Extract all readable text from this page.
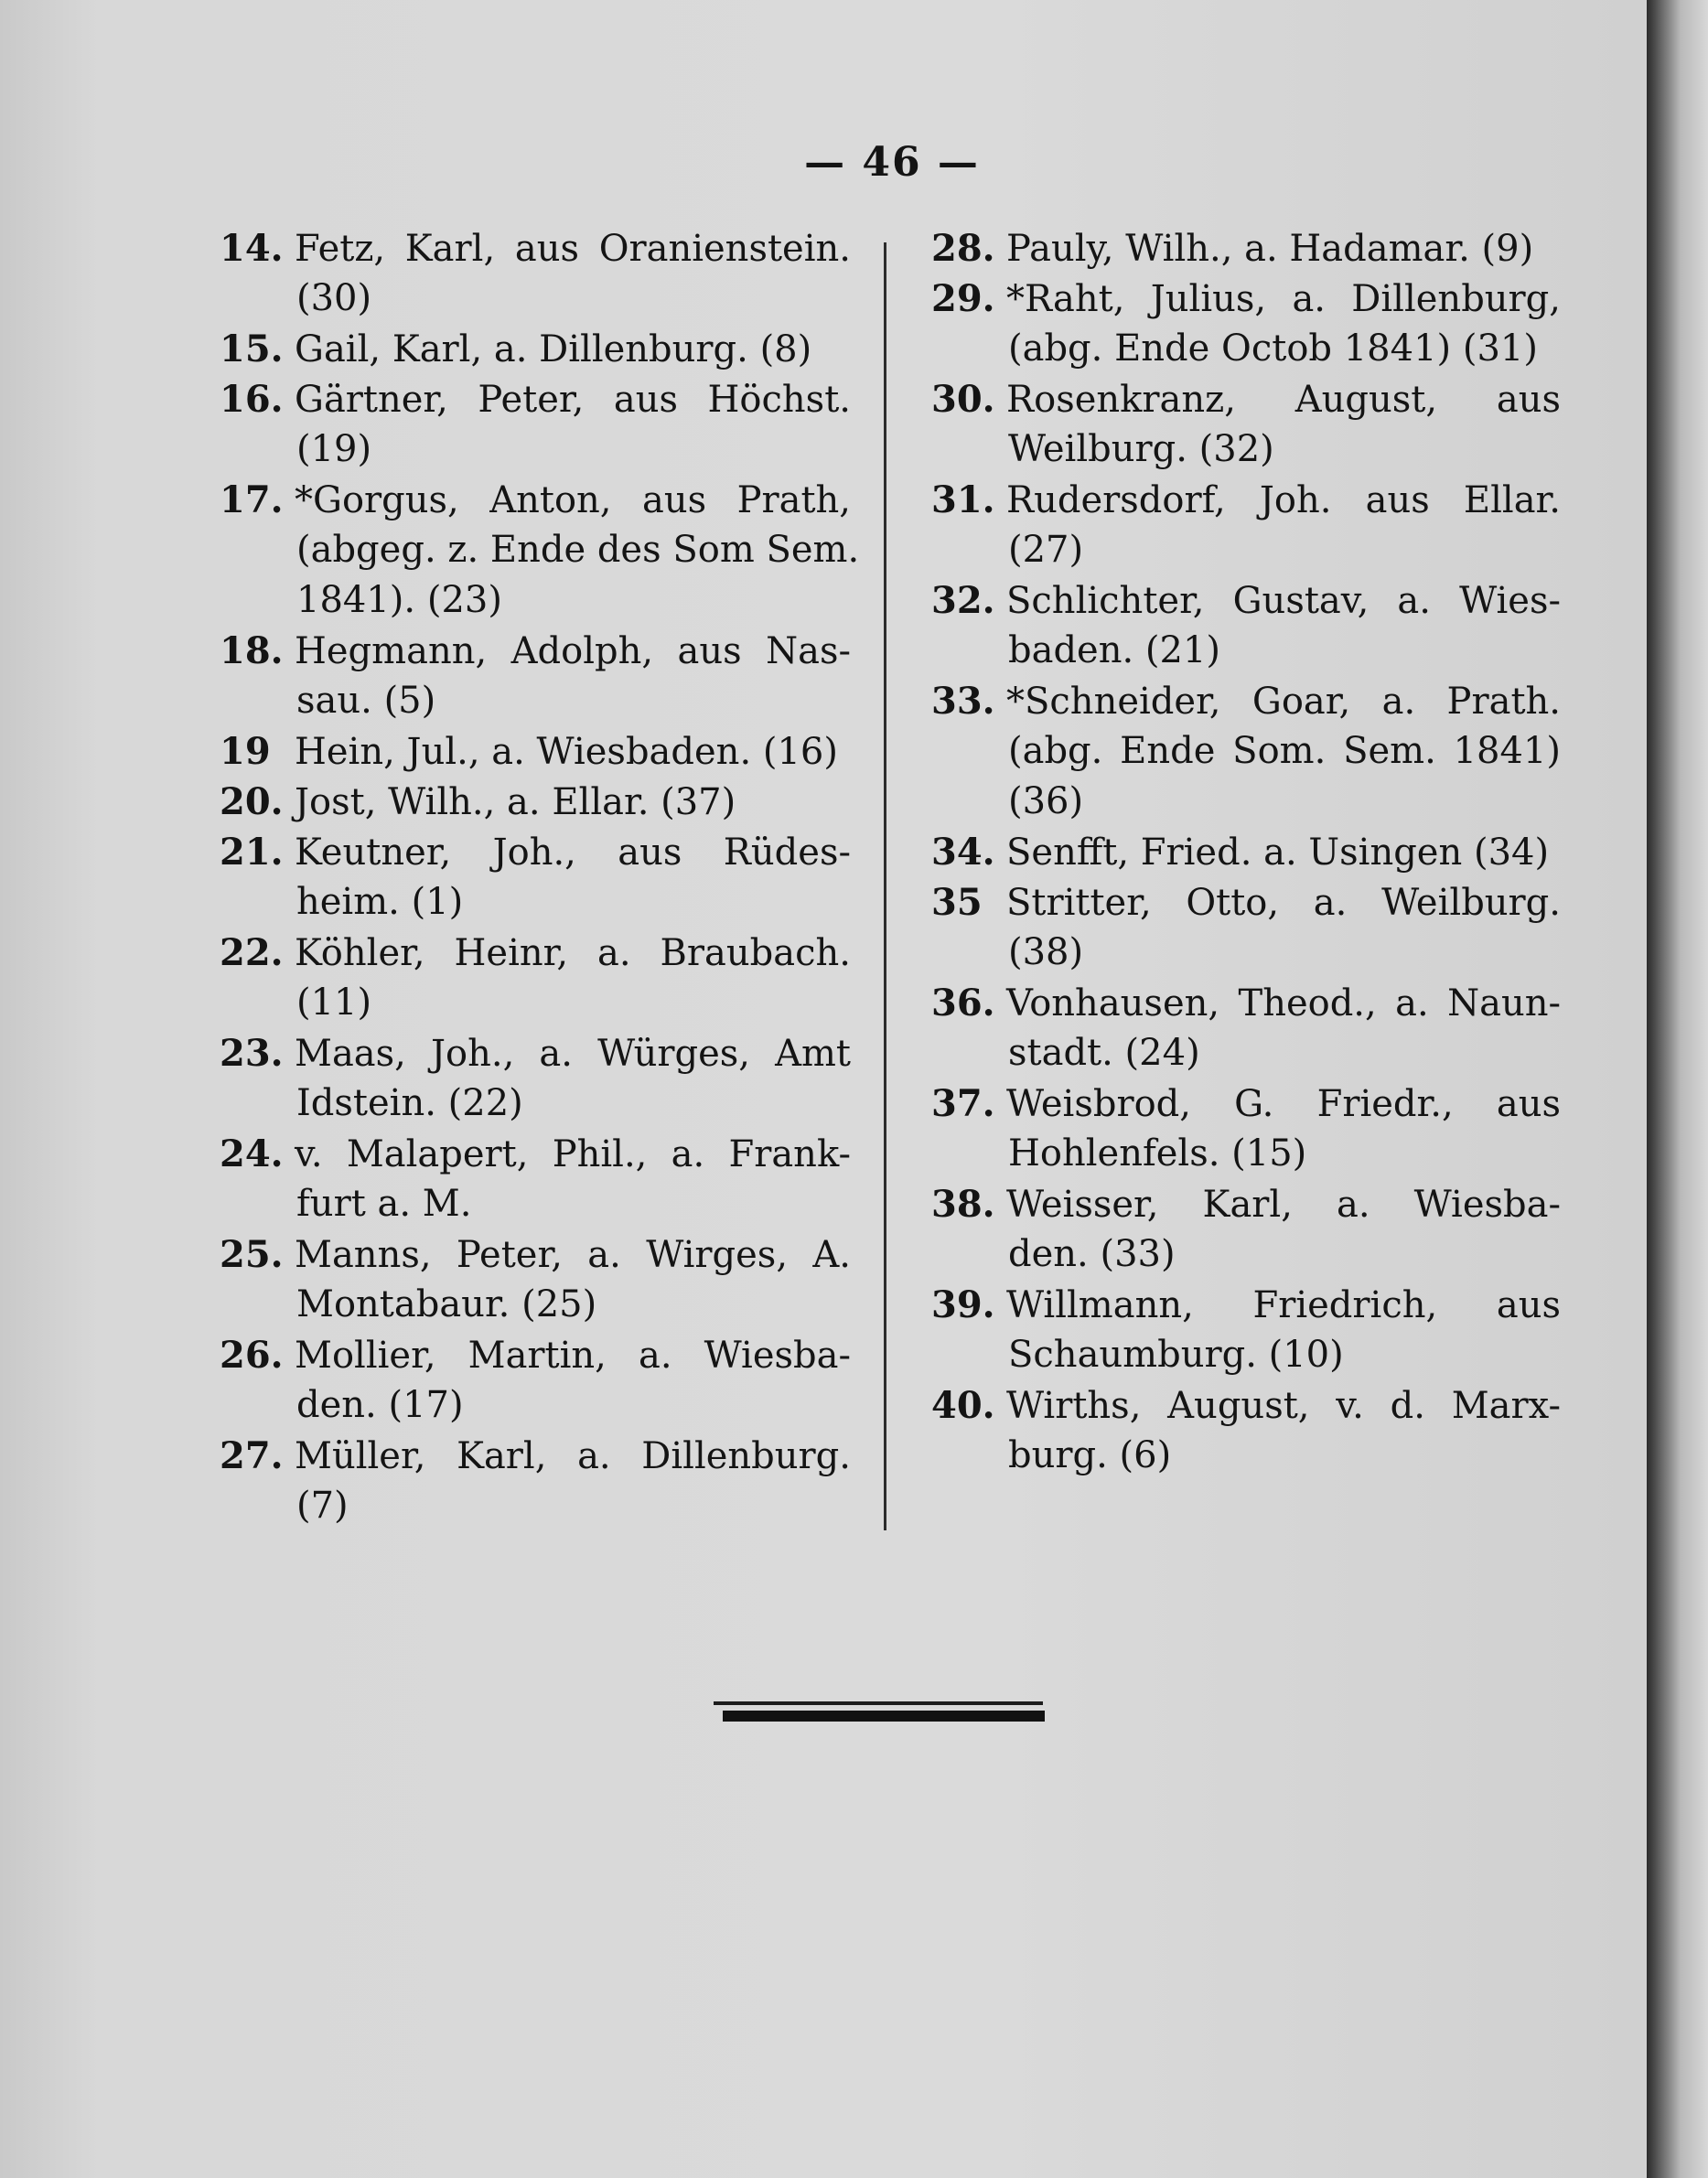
— 46 —
14. Fetz, Karl, aus Oranienstein.
(30)
15. Gail, Karl, a. Dillenburg. (8)
16. Gärtner, Peter, aus Höchst.
(19)
17. *Gorgus, Anton, aus Prath,
(abgeg. z. Ende des Som Sem.
1841). (23)
18. Hegmann, Adolph, aus Nas-
sau. (5)
19 Hein, Jul., a. Wiesbaden. (16)
20. Jost, Wilh., a. Ellar. (37)
21. Keutner, Joh., aus Rüdes-
heim. (1)
22. Köhler, Heinr, a. Braubach.
(11)
23. Maas, Joh., a. Würges, Amt
Idstein. (22)
24. v. Malapert, Phil., a. Frank-
furt a. M.
25. Manns, Peter, a. Wirges, A.
Montabaur. (25)
26. Mollier, Martin, a. Wiesba-
den. (17)
27. Müller, Karl, a. Dillenburg.
(7)
28. Pauly, Wilh., a. Hadamar. (9)
29. *Raht, Julius, a. Dillenburg,
(abg. Ende Octob 1841) (31)
30. Rosenkranz, August, aus
Weilburg. (32)
31. Rudersdorf, Joh. aus Ellar.
(27)
32. Schlichter, Gustav, a. Wies-
baden. (21)
33. *Schneider, Goar, a. Prath.
(abg. Ende Som. Sem. 1841)
(36)
34. Senfft, Fried. a. Usingen (34)
35 Stritter, Otto, a. Weilburg.
(38)
36. Vonhausen, Theod., a. Naun-
stadt. (24)
37. Weisbrod, G. Friedr., aus
Hohlenfels. (15)
38. Weisser, Karl, a. Wiesba-
den. (33)
39. Willmann, Friedrich, aus
Schaumburg. (10)
40. Wirths, August, v. d. Marx-
burg. (6)
